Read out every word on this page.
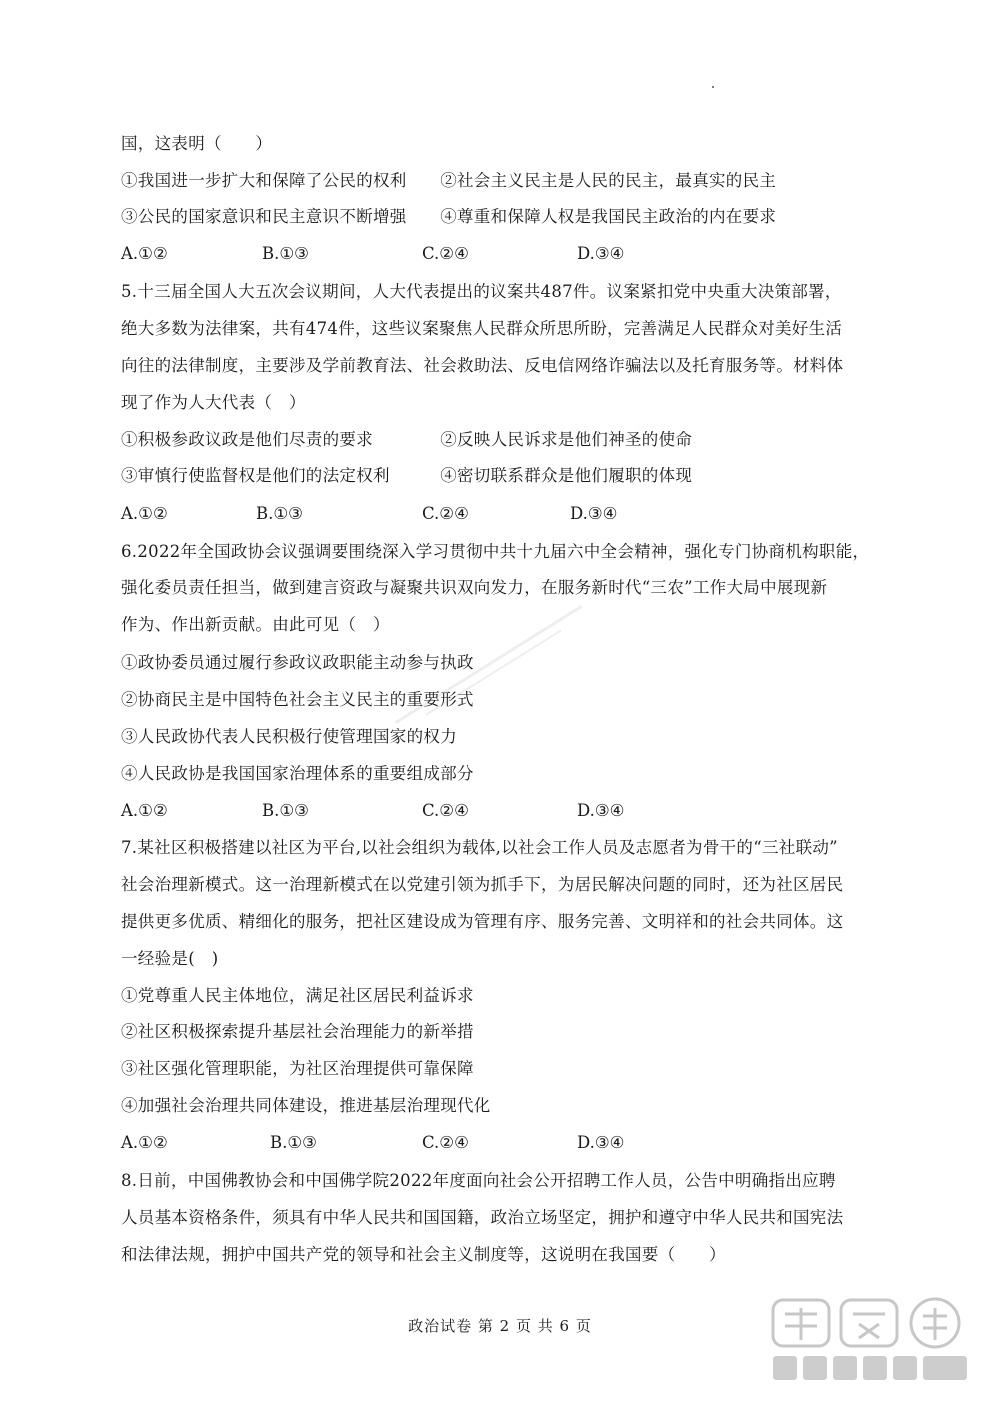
国，这表明（　　）
①我国进一步扩大和保障了公民的权利　　②社会主义民主是人民的民主，最真实的民主
③公民的国家意识和民主意识不断增强　　④尊重和保障人权是我国民主政治的内在要求
A.①②	B.①③	C.②④	D.③④
5.十三届全国人大五次会议期间，人大代表提出的议案共487件。议案紧扣党中央重大决策部署，
绝大多数为法律案，共有474件，这些议案聚焦人民群众所思所盼，完善满足人民群众对美好生活
向往的法律制度，主要涉及学前教育法、社会救助法、反电信网络诈骗法以及托育服务等。材料体
现了作为人大代表（　）
①积极参政议政是他们尽责的要求　　　　②反映人民诉求是他们神圣的使命
③审慎行使监督权是他们的法定权利　　　④密切联系群众是他们履职的体现
A.①②	B.①③	C.②④	D.③④
6.2022年全国政协会议强调要围绕深入学习贯彻中共十九届六中全会精神，强化专门协商机构职能，
强化委员责任担当，做到建言资政与凝聚共识双向发力，在服务新时代“三农”工作大局中展现新
作为、作出新贡献。由此可见（　）
①政协委员通过履行参政议政职能主动参与执政
②协商民主是中国特色社会主义民主的重要形式
③人民政协代表人民积极行使管理国家的权力
④人民政协是我国国家治理体系的重要组成部分
A.①②	B.①③	C.②④	D.③④
7.某社区积极搭建以社区为平台,以社会组织为载体,以社会工作人员及志愿者为骨干的“三社联动”
社会治理新模式。这一治理新模式在以党建引领为抓手下，为居民解决问题的同时，还为社区居民
提供更多优质、精细化的服务，把社区建设成为管理有序、服务完善、文明祥和的社会共同体。这
一经验是(　)
①党尊重人民主体地位，满足社区居民利益诉求
②社区积极探索提升基层社会治理能力的新举措
③社区强化管理职能，为社区治理提供可靠保障
④加强社会治理共同体建设，推进基层治理现代化
A.①②	B.①③	C.②④	D.③④
8.日前，中国佛教协会和中国佛学院2022年度面向社会公开招聘工作人员，公告中明确指出应聘
人员基本资格条件，须具有中华人民共和国国籍，政治立场坚定，拥护和遵守中华人民共和国宪法
和法律法规，拥护中国共产党的领导和社会主义制度等，这说明在我国要（　　）
政治试卷 第 2 页 共 6 页
